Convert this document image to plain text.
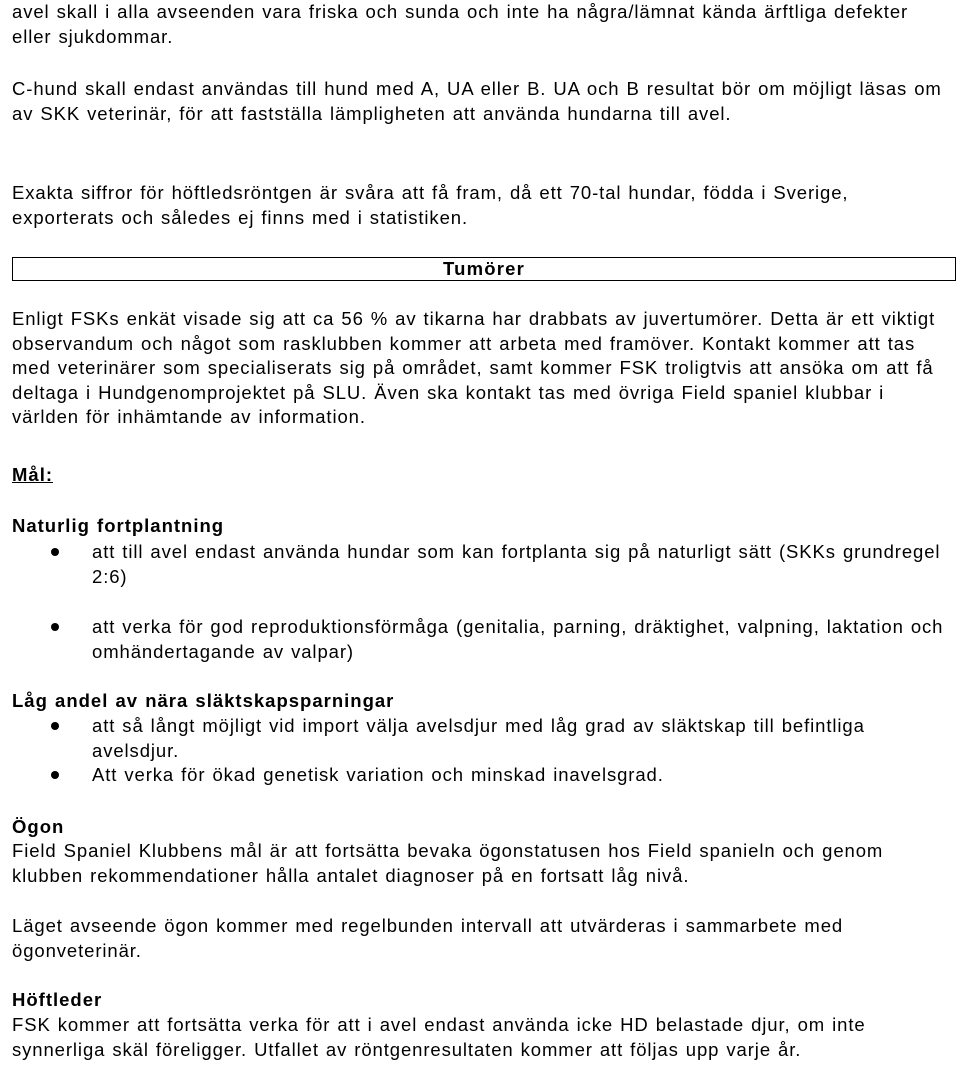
avel skall i alla avseenden vara friska och sunda och inte ha några/lämnat kända ärftliga defekter eller sjukdommar.

C-hund skall endast användas till hund med A, UA eller B. UA och B resultat bör om möjligt läsas om av SKK veterinär, för att fastställa lämpligheten att använda hundarna till avel.

Exakta siffror för höftledsröntgen är svåra att få fram, då ett 70-tal hundar, födda i Sverige, exporterats och således ej finns med i statistiken.

Tumörer

Enligt FSKs enkät visade sig att ca 56 % av tikarna har drabbats av juvertumörer. Detta är ett viktigt observandum och något som rasklubben kommer att arbeta med framöver. Kontakt kommer att tas med veterinärer som specialiserats sig på området, samt kommer FSK troligtvis att ansöka om att få deltaga i Hundgenomprojektet på SLU. Även ska kontakt tas med övriga Field spaniel klubbar i världen för inhämtande av information.

Mål:

Naturlig fortplantning

att till avel endast använda hundar som kan fortplanta sig på naturligt sätt (SKKs grundregel 2:6)
att verka för god reproduktionsförmåga (genitalia, parning, dräktighet, valpning, laktation och omhändertagande av valpar)

Låg andel av nära släktskapsparningar

att så långt möjligt vid import välja avelsdjur med låg grad av släktskap till befintliga avelsdjur.
Att verka för ökad genetisk variation och minskad inavelsgrad.

Ögon

Field Spaniel Klubbens mål är att fortsätta bevaka ögonstatusen hos Field spanieln och genom klubben rekommendationer hålla antalet diagnoser på en fortsatt låg nivå.

Läget avseende ögon kommer med regelbunden intervall att utvärderas i sammarbete med ögonveterinär.

Höftleder

FSK kommer att fortsätta verka för att i avel endast använda icke HD belastade djur, om inte synnerliga skäl föreligger. Utfallet av röntgenresultaten kommer att följas upp varje år.
